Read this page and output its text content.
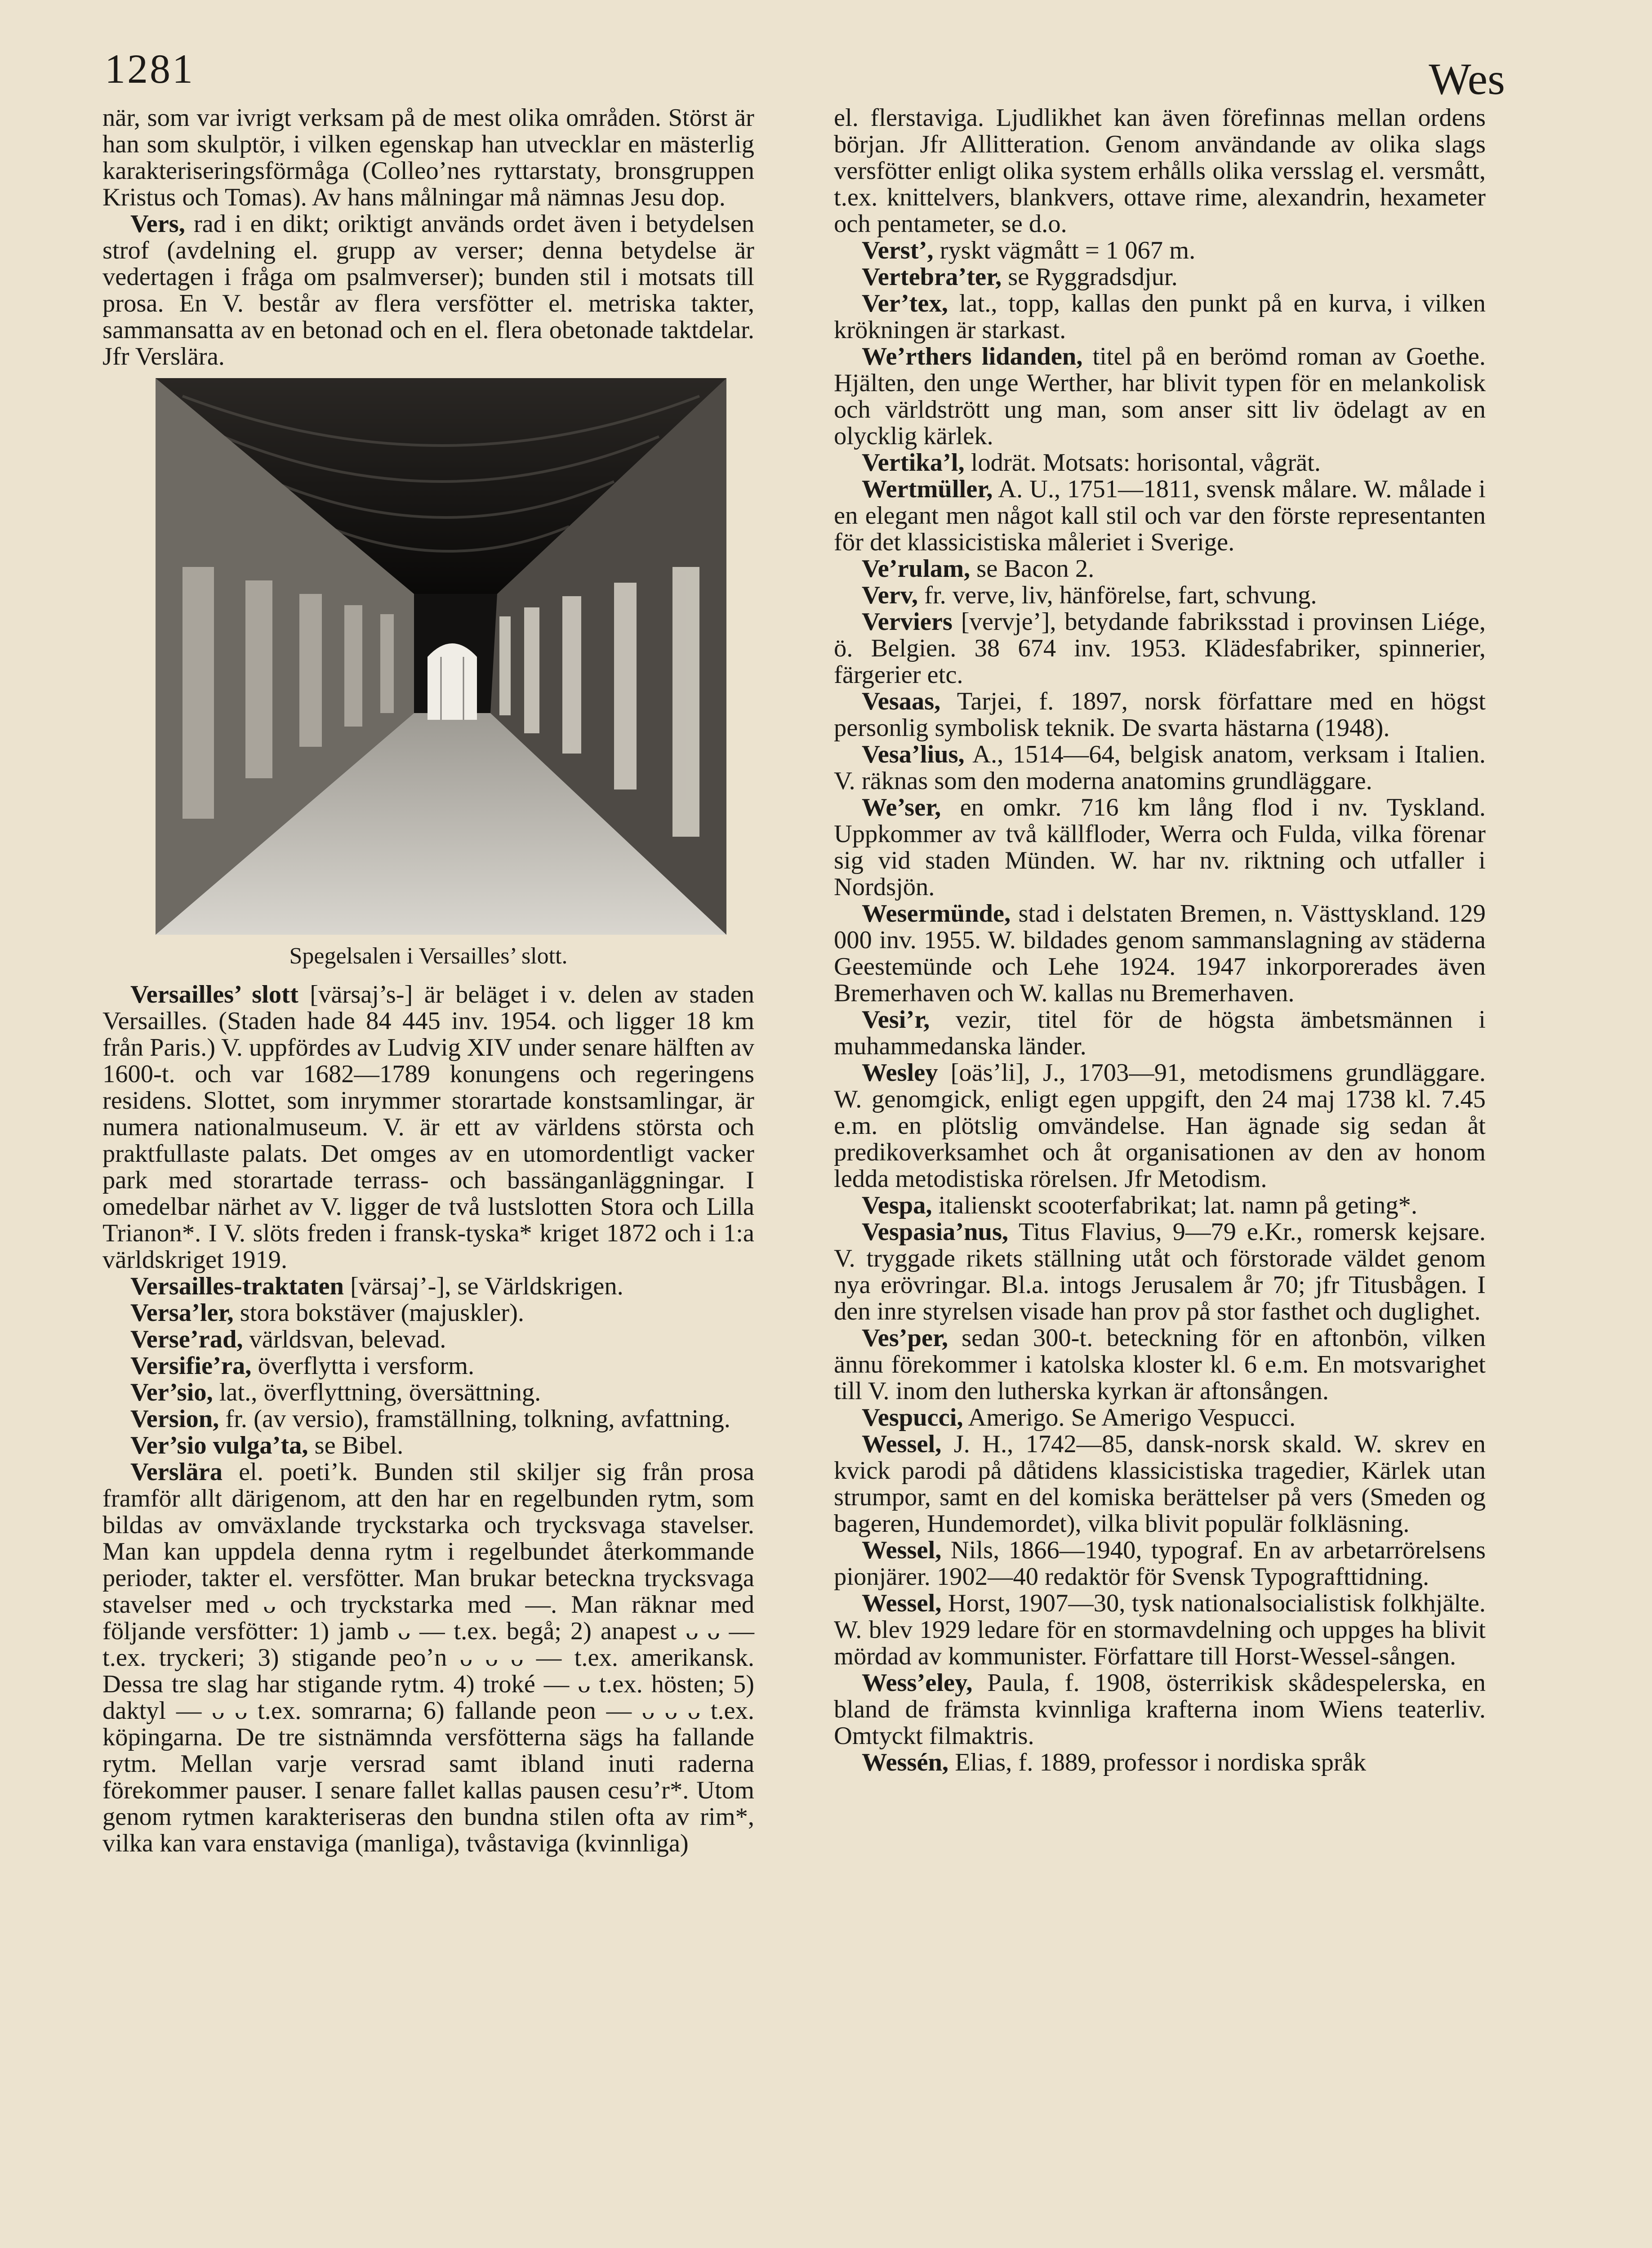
1281	Wes

när, som var ivrigt verksam på de mest olika områden. Störst är han som skulptör, i vilken egenskap han utvecklar en mästerlig karakteriseringsförmåga (Colleo’nes ryttarstaty, bronsgruppen Kristus och Tomas). Av hans målningar må nämnas Jesu dop.

Vers, rad i en dikt; oriktigt används ordet även i betydelsen strof (avdelning el. grupp av verser; denna betydelse är vedertagen i fråga om psalmverser); bunden stil i motsats till prosa. En V. består av flera versfötter el. metriska takter, sammansatta av en betonad och en el. flera obetonade taktdelar. Jfr Verslära.

Spegelsalen i Versailles’ slott.

Versailles’ slott [värsaj’s-] är beläget i v. delen av staden Versailles. (Staden hade 84 445 inv. 1954. och ligger 18 km från Paris.) V. uppfördes av Ludvig XIV under senare hälften av 1600-t. och var 1682—1789 konungens och regeringens residens. Slottet, som inrymmer storartade konstsamlingar, är numera nationalmuseum. V. är ett av världens största och praktfullaste palats. Det omges av en utomordentligt vacker park med storartade terrass- och bassänganläggningar. I omedelbar närhet av V. ligger de två lustslotten Stora och Lilla Trianon*. I V. slöts freden i fransk-tyska* kriget 1872 och i 1:a världskriget 1919.

Versailles-traktaten [värsaj’-], se Världskrigen.

Versa’ler, stora bokstäver (majuskler).

Verse’rad, världsvan, belevad.

Versifie’ra, överflytta i versform.

Ver’sio, lat., överflyttning, översättning.

Version, fr. (av versio), framställning, tolkning, avfattning.

Ver’sio vulga’ta, se Bibel.

Verslära el. poeti’k. Bunden stil skiljer sig från prosa framför allt därigenom, att den har en regelbunden rytm, som bildas av omväxlande tryckstarka och trycksvaga stavelser. Man kan uppdela denna rytm i regelbundet återkommande perioder, takter el. versfötter. Man brukar beteckna trycksvaga stavelser med ᴗ och tryckstarka med —. Man räknar med följande versfötter: 1) jamb ᴗ — t.ex. begå; 2) anapest ᴗ ᴗ — t.ex. tryckeri; 3) stigande peo’n ᴗ ᴗ ᴗ — t.ex. amerikansk. Dessa tre slag har stigande rytm. 4) troké — ᴗ t.ex. hösten; 5) daktyl — ᴗ ᴗ t.ex. somrarna; 6) fallande peon — ᴗ ᴗ ᴗ t.ex. köpingarna. De tre sistnämnda versfötterna sägs ha fallande rytm. Mellan varje versrad samt ibland inuti raderna förekommer pauser. I senare fallet kallas pausen cesu’r*. Utom genom rytmen karakteriseras den bundna stilen ofta av rim*, vilka kan vara enstaviga (manliga), tvåstaviga (kvinnliga)

el. flerstaviga. Ljudlikhet kan även förefinnas mellan ordens början. Jfr Allitteration. Genom användande av olika slags versfötter enligt olika system erhålls olika versslag el. versmått, t.ex. knittelvers, blankvers, ottave rime, alexandrin, hexameter och pentameter, se d.o.

Verst’, ryskt vägmått = 1 067 m.

Vertebra’ter, se Ryggradsdjur.

Ver’tex, lat., topp, kallas den punkt på en kurva, i vilken krökningen är starkast.

We’rthers lidanden, titel på en berömd roman av Goethe. Hjälten, den unge Werther, har blivit typen för en melankolisk och världstrött ung man, som anser sitt liv ödelagt av en olycklig kärlek.

Vertika’l, lodrät. Motsats: horisontal, vågrät.

Wertmüller, A. U., 1751—1811, svensk målare. W. målade i en elegant men något kall stil och var den förste representanten för det klassicistiska måleriet i Sverige.

Ve’rulam, se Bacon 2.

Verv, fr. verve, liv, hänförelse, fart, schvung.

Verviers [vervje’], betydande fabriksstad i provinsen Liége, ö. Belgien. 38 674 inv. 1953. Klädesfabriker, spinnerier, färgerier etc.

Vesaas, Tarjei, f. 1897, norsk författare med en högst personlig symbolisk teknik. De svarta hästarna (1948).

Vesa’lius, A., 1514—64, belgisk anatom, verksam i Italien. V. räknas som den moderna anatomins grundläggare.

We’ser, en omkr. 716 km lång flod i nv. Tyskland. Uppkommer av två källfloder, Werra och Fulda, vilka förenar sig vid staden Münden. W. har nv. riktning och utfaller i Nordsjön.

Wesermünde, stad i delstaten Bremen, n. Västtyskland. 129 000 inv. 1955. W. bildades genom sammanslagning av städerna Geestemünde och Lehe 1924. 1947 inkorporerades även Bremerhaven och W. kallas nu Bremerhaven.

Vesi’r, vezir, titel för de högsta ämbetsmännen i muhammedanska länder.

Wesley [oäs’li], J., 1703—91, metodismens grundläggare. W. genomgick, enligt egen uppgift, den 24 maj 1738 kl. 7.45 e.m. en plötslig omvändelse. Han ägnade sig sedan åt predikoverksamhet och åt organisationen av den av honom ledda metodistiska rörelsen. Jfr Metodism.

Vespa, italienskt scooterfabrikat; lat. namn på geting*.

Vespasia’nus, Titus Flavius, 9—79 e.Kr., romersk kejsare. V. tryggade rikets ställning utåt och förstorade väldet genom nya erövringar. Bl.a. intogs Jerusalem år 70; jfr Titusbågen. I den inre styrelsen visade han prov på stor fasthet och duglighet.

Ves’per, sedan 300-t. beteckning för en aftonbön, vilken ännu förekommer i katolska kloster kl. 6 e.m. En motsvarighet till V. inom den lutherska kyrkan är aftonsången.

Vespucci, Amerigo. Se Amerigo Vespucci.

Wessel, J. H., 1742—85, dansk-norsk skald. W. skrev en kvick parodi på dåtidens klassicistiska tragedier, Kärlek utan strumpor, samt en del komiska berättelser på vers (Smeden og bageren, Hundemordet), vilka blivit populär folkläsning.

Wessel, Nils, 1866—1940, typograf. En av arbetarrörelsens pionjärer. 1902—40 redaktör för Svensk Typografttidning.

Wessel, Horst, 1907—30, tysk nationalsocialistisk folkhjälte. W. blev 1929 ledare för en stormavdelning och uppges ha blivit mördad av kommunister. Författare till Horst-Wessel-sången.

Wess’eley, Paula, f. 1908, österrikisk skådespelerska, en bland de främsta kvinnliga krafterna inom Wiens teaterliv. Omtyckt filmaktris.

Wessén, Elias, f. 1889, professor i nordiska språk
